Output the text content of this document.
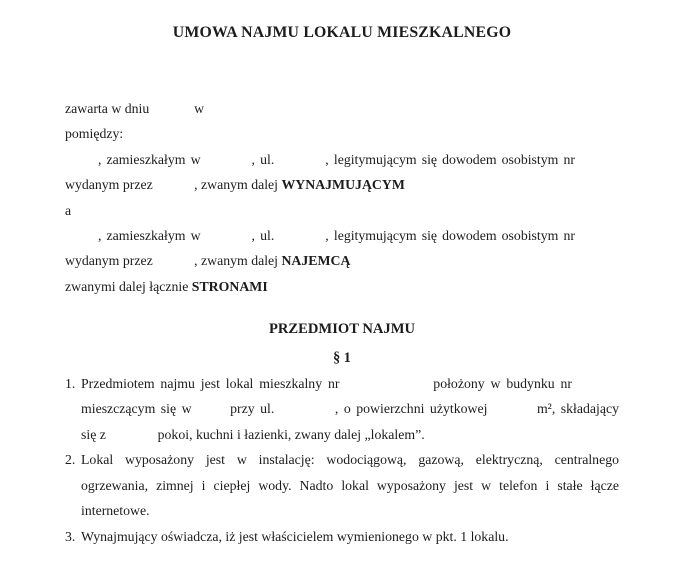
UMOWA NAJMU LOKALU MIESZKALNEGO

zawarta w dniu             w

pomiędzy:

, zamieszkałym w          , ul.          , legitymującym się dowodem osobistym nr

wydanym przez            , zwanym dalej WYNAJMUJĄCYM

a

, zamieszkałym w          , ul.          , legitymującym się dowodem osobistym nr

wydanym przez            , zwanym dalej NAJEMCĄ

zwanymi dalej łącznie STRONAMI

PRZEDMIOT NAJMU
§ 1
1. Przedmiotem najmu jest lokal mieszkalny nr                położony w budynku nr
mieszczącym się w       przy ul.           , o powierzchni użytkowej         m², składający
się z               pokoi, kuchni i łazienki, zwany dalej „lokalem”.
2. Lokal wyposażony jest w instalację: wodociągową, gazową, elektryczną, centralnego
ogrzewania, zimnej i ciepłej wody. Nadto lokal wyposażony jest w telefon i stałe łącze
internetowe.
3. Wynajmujący oświadcza, iż jest właścicielem wymienionego w pkt. 1 lokalu.
